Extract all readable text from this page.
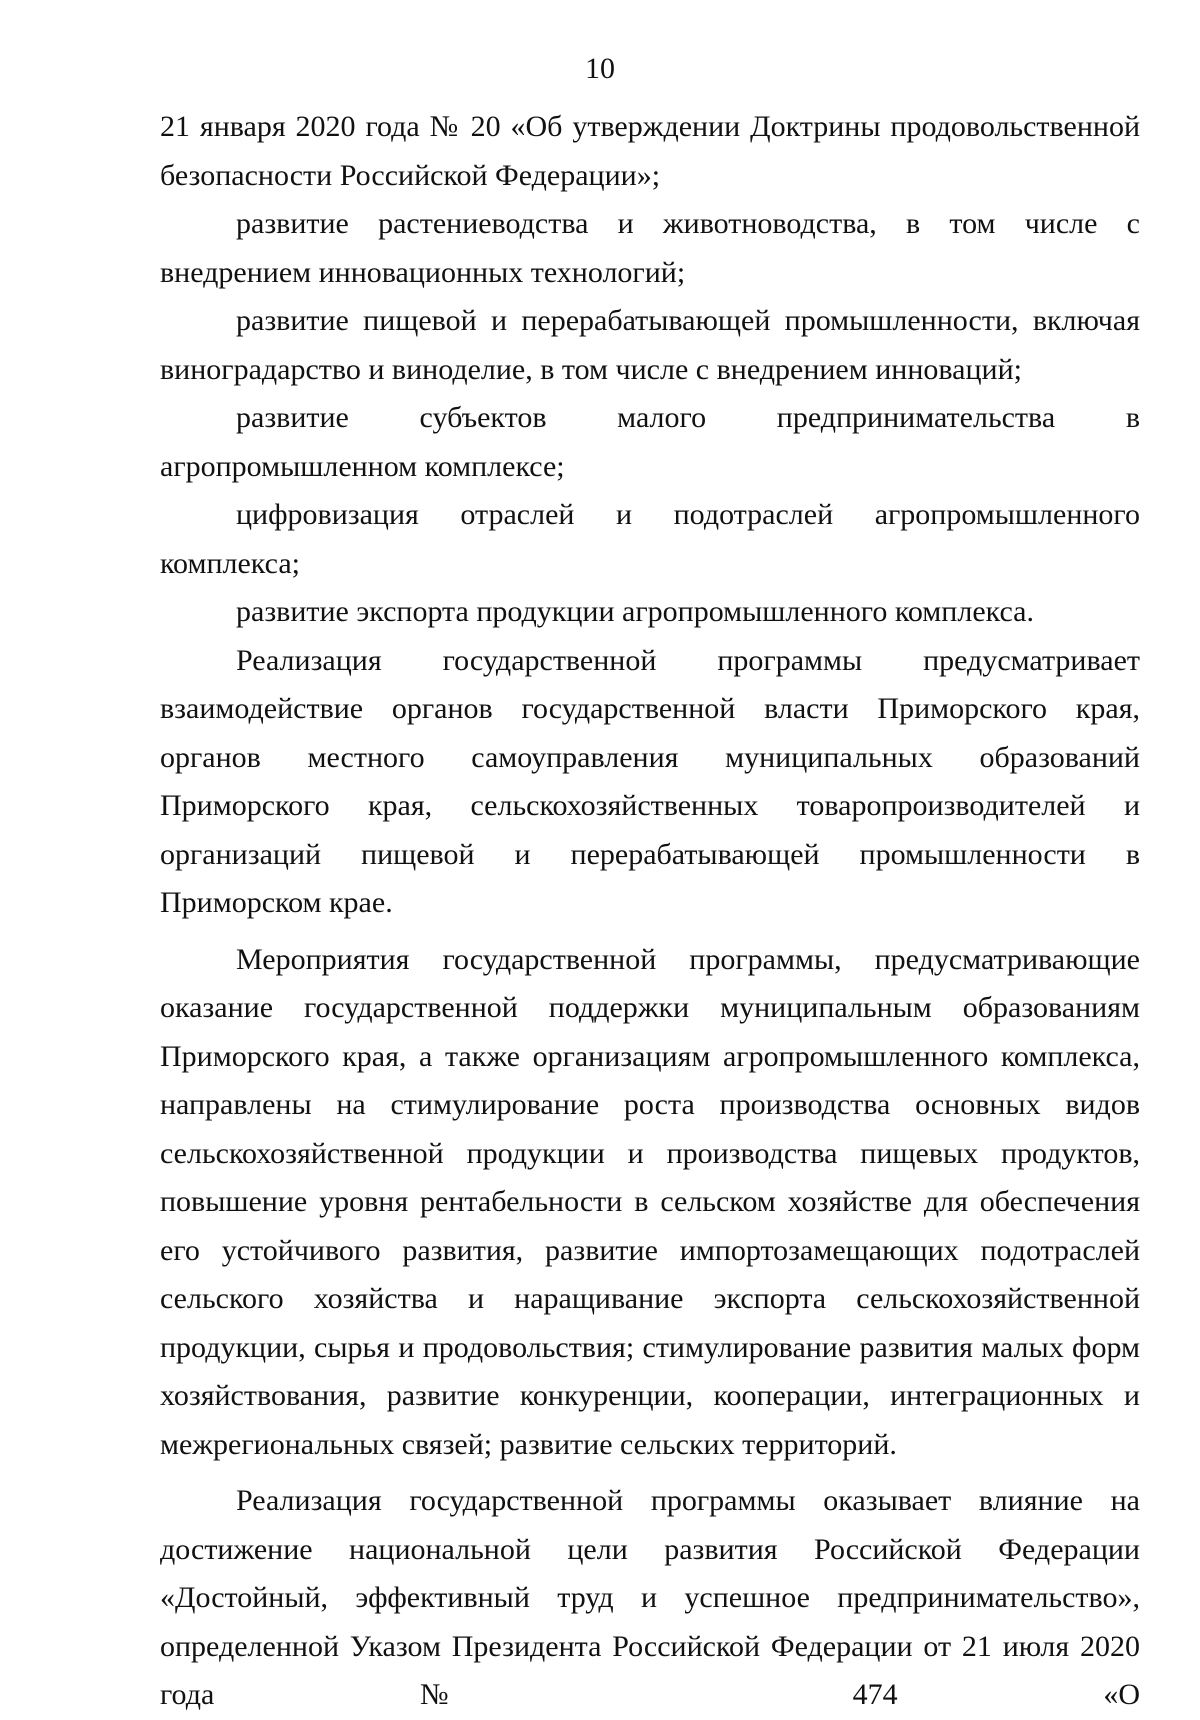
10

21 января 2020 года № 20 «Об утверждении Доктрины продовольственной безопасности Российской Федерации»;

развитие растениеводства и животноводства, в том числе с внедрением инновационных технологий;

развитие пищевой и перерабатывающей промышленности, включая виноградарство и виноделие, в том числе с внедрением инноваций;

развитие субъектов малого предпринимательства в агропромышленном комплексе;

цифровизация отраслей и подотраслей агропромышленного комплекса;

развитие экспорта продукции агропромышленного комплекса.

Реализация государственной программы предусматривает взаимодействие органов государственной власти Приморского края, органов местного самоуправления муниципальных образований Приморского края, сельскохозяйственных товаропроизводителей и организаций пищевой и перерабатывающей промышленности в Приморском крае.

Мероприятия государственной программы, предусматривающие оказание государственной поддержки муниципальным образованиям Приморского края, а также организациям агропромышленного комплекса, направлены на стимулирование роста производства основных видов сельскохозяйственной продукции и производства пищевых продуктов, повышение уровня рентабельности в сельском хозяйстве для обеспечения его устойчивого развития, развитие импортозамещающих подотраслей сельского хозяйства и наращивание экспорта сельскохозяйственной продукции, сырья и продовольствия; стимулирование развития малых форм хозяйствования, развитие конкуренции, кооперации, интеграционных и межрегиональных связей; развитие сельских территорий.

Реализация государственной программы оказывает влияние на достижение национальной цели развития Российской Федерации «Достойный, эффективный труд и успешное предпринимательство», определенной Указом Президента Российской Федерации от 21 июля 2020 года № 474 «О
